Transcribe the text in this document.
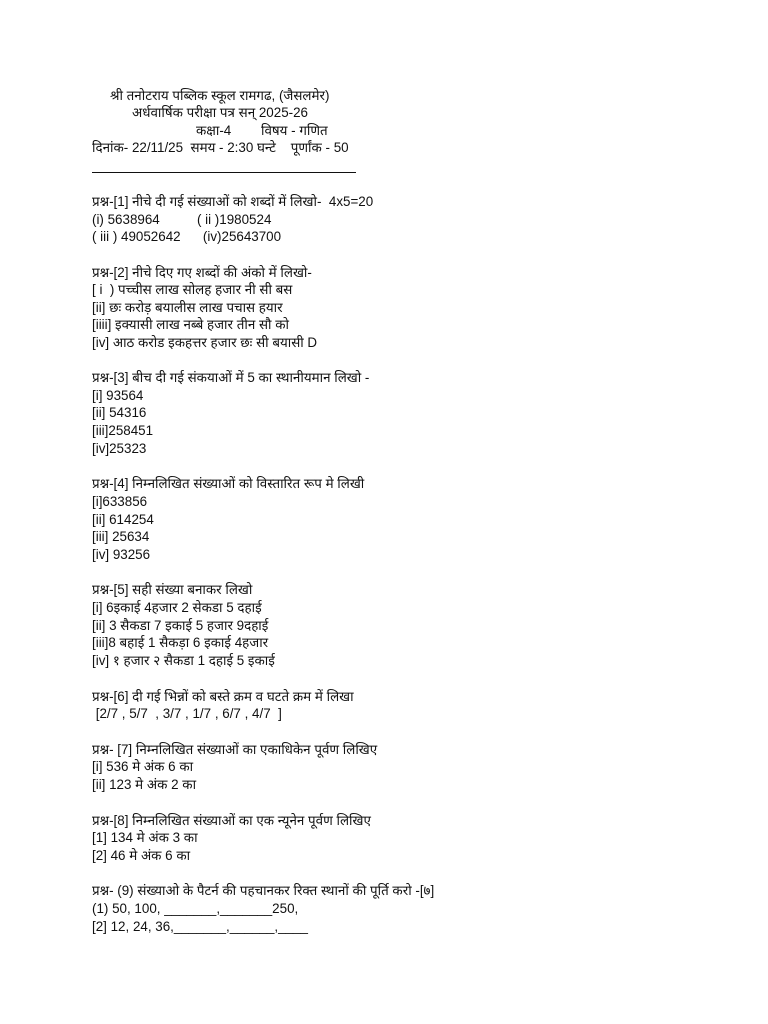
श्री तनोटराय पब्लिक स्कूल रामगढ, (जैसलमेर)
अर्धवार्षिक परीक्षा पत्र सन् 2025-26
कक्षा-4        विषय - गणित
दिनांक- 22/11/25  समय - 2:30 घन्टे    पूर्णांक - 50
प्रश्न-[1] नीचे दी गई संख्याओं को शब्दों में लिखो-  4x5=20
(i) 5638964          ( ii )1980524
( iii ) 49052642      (iv)25643700
प्रश्न-[2] नीचे दिए गए शब्दों की अंको में लिखो-
[ i  ) पच्चीस लाख सोलह हजार नी सी बस
[ii] छः करोड़ बयालीस लाख पचास हयार
[iiii] इक्यासी लाख नब्बे हजार तीन सौ को
[iv] आठ करोड इकहत्तर हजार छः सी बयासी D
प्रश्न-[3] बीच दी गई संकयाओं में 5 का स्थानीयमान लिखो -
[i] 93564
[ii] 54316
[iii]258451
[iv]25323
प्रश्न-[4] निम्नलिखित संख्याओं को विस्तारित रूप मे लिखी
[i]633856
[ii] 614254
[iii] 25634
[iv] 93256
प्रश्न-[5] सही संख्या बनाकर लिखो
[i] 6इकाई 4हजार 2 सेकडा 5 दहाई
[ii] 3 सैकडा 7 इकाई 5 हजार 9दहाई
[iii]8 बहाई 1 सैकड़ा 6 इकाई 4हजार
[iv] १ हजार २ सैकडा 1 दहाई 5 इकाई
प्रश्न-[6] दी गई भिन्नों को बस्ते क्रम व घटते क्रम में लिखा
[2/7 , 5/7  , 3/7 , 1/7 , 6/7 , 4/7  ]
प्रश्न- [7] निम्नलिखित संख्याओं का एकाधिकेन पूर्वण लिखिए
[i] 536 मे अंक 6 का
[ii] 123 मे अंक 2 का
प्रश्न-[8] निम्नलिखित संख्याओं का एक न्यूनेन पूर्वण लिखिए
[1] 134 मे अंक 3 का
[2] 46 मे अंक 6 का
प्रश्न- (9) संख्याओ के पैटर्न की पहचानकर रिक्त स्थानों की पूर्ति करो -[७]
(1) 50, 100, _______,_______250,
[2] 12, 24, 36,_______,______,____
